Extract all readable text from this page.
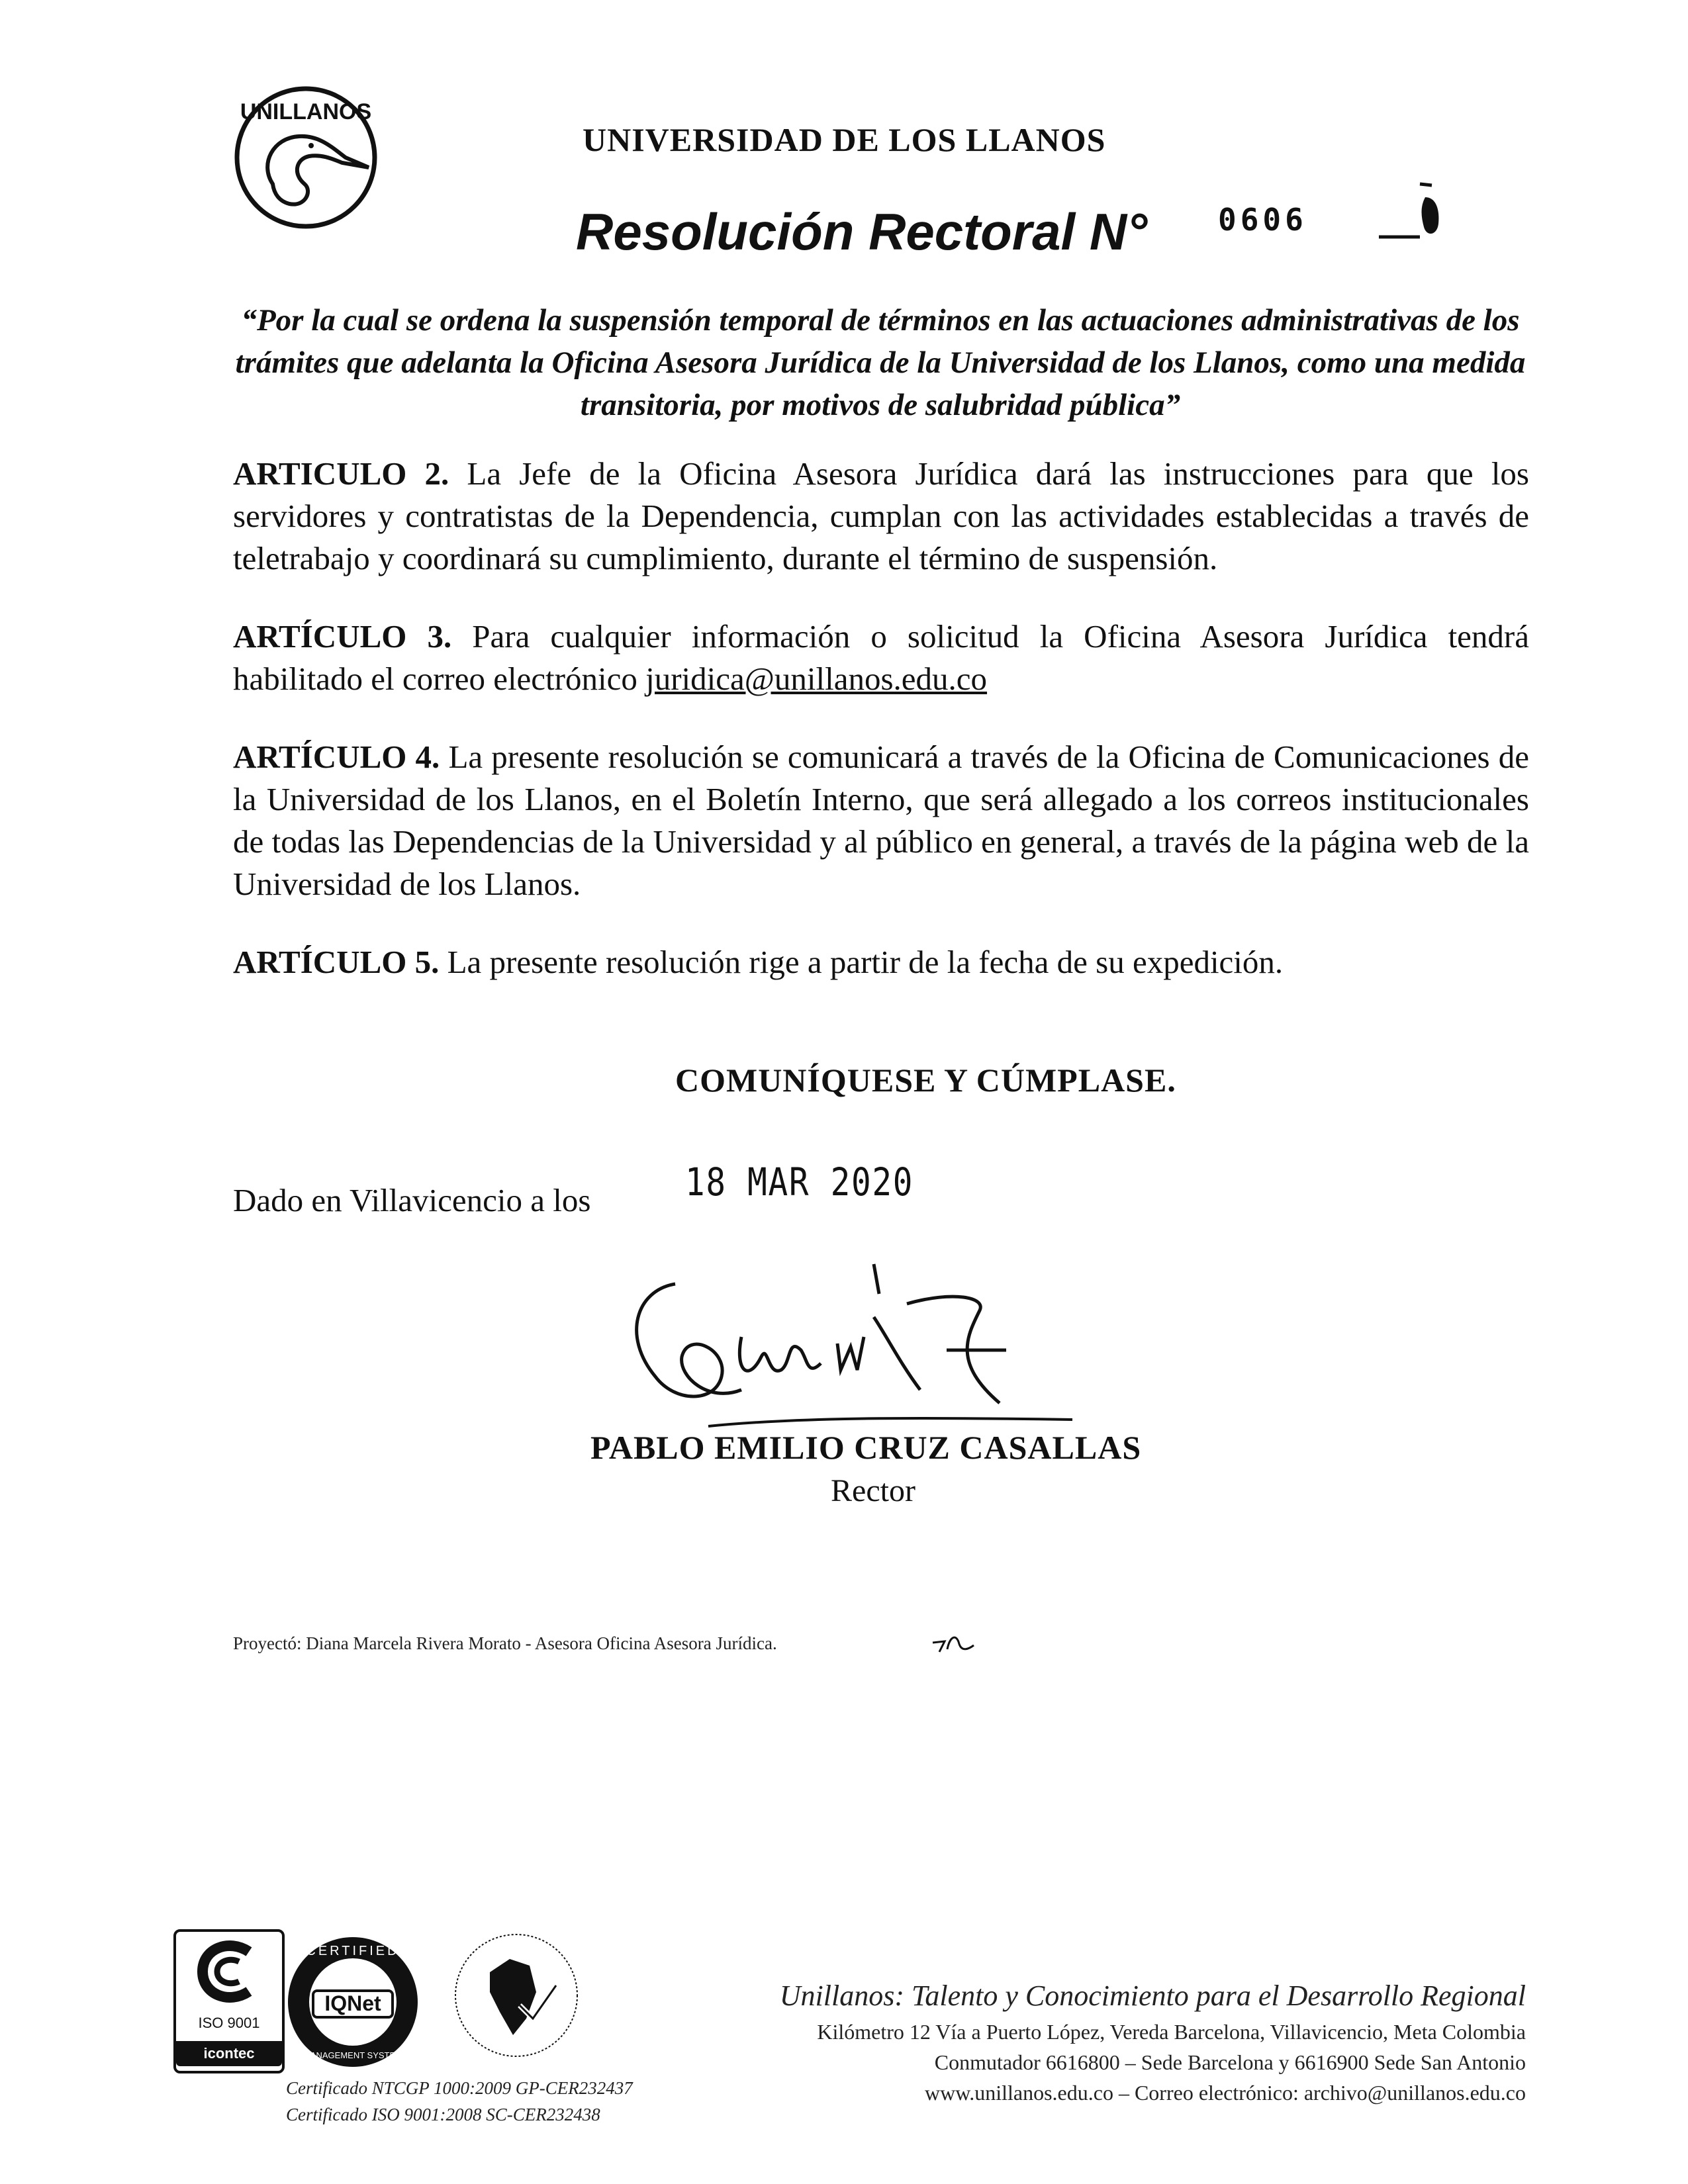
UNILLANOS
UNIVERSIDAD DE LOS LLANOS
Resolución Rectoral N° 0606
“Por la cual se ordena la suspensión temporal de términos en las actuaciones administrativas de los trámites que adelanta la Oficina Asesora Jurídica de la Universidad de los Llanos, como una medida transitoria, por motivos de salubridad pública”
ARTICULO 2. La Jefe de la Oficina Asesora Jurídica dará las instrucciones para que los servidores y contratistas de la Dependencia, cumplan con las actividades establecidas a través de teletrabajo y coordinará su cumplimiento, durante el término de suspensión.
ARTÍCULO 3. Para cualquier información o solicitud la Oficina Asesora Jurídica tendrá habilitado el correo electrónico juridica@unillanos.edu.co
ARTÍCULO 4. La presente resolución se comunicará a través de la Oficina de Comunicaciones de la Universidad de los Llanos, en el Boletín Interno, que será allegado a los correos institucionales de todas las Dependencias de la Universidad y al público en general, a través de la página web de la Universidad de los Llanos.
ARTÍCULO 5. La presente resolución rige a partir de la fecha de su expedición.
COMUNÍQUESE Y CÚMPLASE.
Dado en Villavicencio a los 18 MAR 2020
PABLO EMILIO CRUZ CASALLAS
Rector
Proyectó: Diana Marcela Rivera Morato - Asesora Oficina Asesora Jurídica.
ISO 9001
icontec
IQNet
CERTIFIED
MANAGEMENT SYSTEM
Certificado NTCGP 1000:2009 GP-CER232437
Certificado ISO 9001:2008 SC-CER232438
Unillanos: Talento y Conocimiento para el Desarrollo Regional
Kilómetro 12 Vía a Puerto López, Vereda Barcelona, Villavicencio, Meta Colombia
Conmutador 6616800 – Sede Barcelona y 6616900 Sede San Antonio
www.unillanos.edu.co – Correo electrónico: archivo@unillanos.edu.co
